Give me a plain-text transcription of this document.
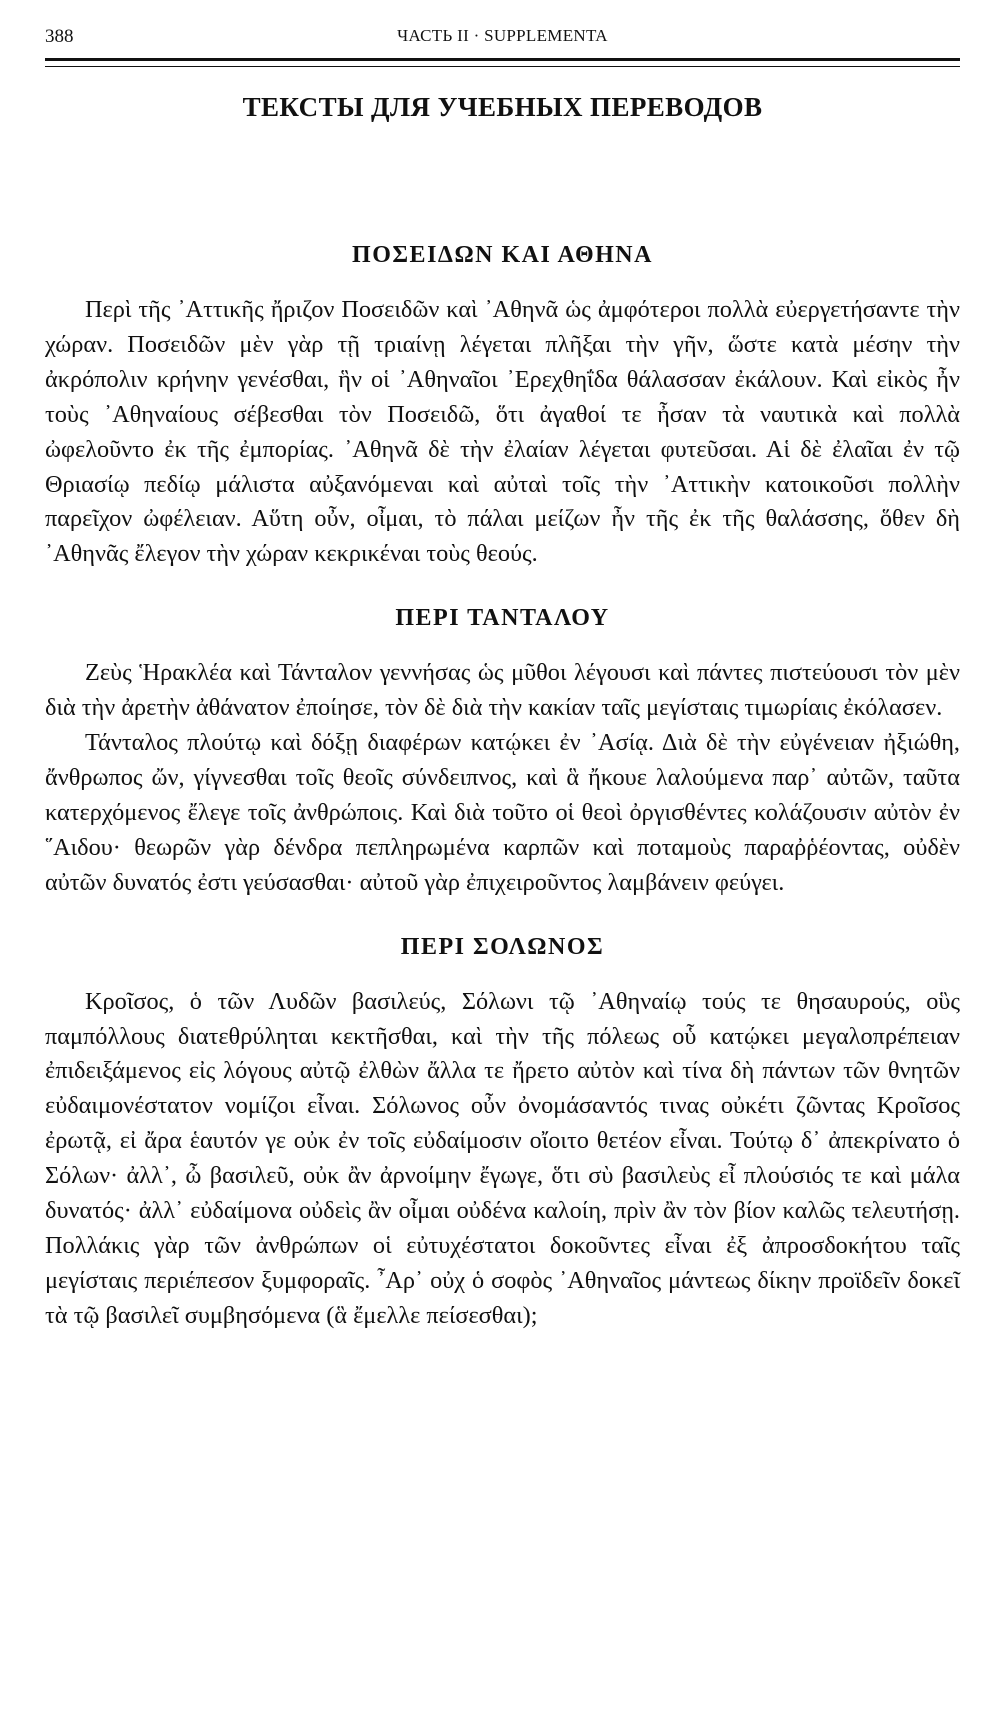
388	ЧАСТЬ II · SUPPLEMENTA
ТЕКСТЫ ДЛЯ УЧЕБНЫХ ПЕРЕВОДОВ
ΠΟΣΕΙΔΩΝ ΚΑΙ ΑΘΗΝΑ

Περὶ τῆς ᾿Αττικῆς ἤριζον Ποσειδῶν καὶ ᾿Αθηνᾶ ὡς ἀμφότεροι πολλὰ εὐεργετήσαντε τὴν χώραν. Ποσειδῶν μὲν γὰρ τῇ τριαίνῃ λέγεται πλῆξαι τὴν γῆν, ὥστε κατὰ μέσην τὴν ἀκρόπολιν κρήνην γενέσθαι, ἣν οἱ ᾿Αθηναῖοι ᾿Ερεχθηΐδα θάλασσαν ἐκάλουν. Καὶ εἰκὸς ἦν τοὺς ᾿Αθηναίους σέβεσθαι τὸν Ποσειδῶ, ὅτι ἀγαθοί τε ἦσαν τὰ ναυτικὰ καὶ πολλὰ ὠφελοῦντο ἐκ τῆς ἐμπορίας. ᾿Αθηνᾶ δὲ τὴν ἐλαίαν λέγεται φυτεῦσαι. Αἱ δὲ ἐλαῖαι ἐν τῷ Θριασίῳ πεδίῳ μάλιστα αὐξανόμεναι καὶ αὐταὶ τοῖς τὴν ᾿Αττικὴν κατοικοῦσι πολλὴν παρεῖχον ὠφέλειαν. Αὕτη οὖν, οἶμαι, τὸ πάλαι μείζων ἦν τῆς ἐκ τῆς θαλάσσης, ὅθεν δὴ ᾿Αθηνᾶς ἔλεγον τὴν χώραν κεκρικέναι τοὺς θεούς.

ΠΕΡΙ ΤΑΝΤΑΛΟΥ

Ζεὺς Ἡρακλέα καὶ Τάνταλον γεννήσας ὡς μῦθοι λέγουσι καὶ πάντες πιστεύουσι τὸν μὲν διὰ τὴν ἀρετὴν ἀθάνατον ἐποίησε, τὸν δὲ διὰ τὴν κακίαν ταῖς μεγίσταις τιμωρίαις ἐκόλασεν.

Τάνταλος πλούτῳ καὶ δόξῃ διαφέρων κατῴκει ἐν ᾿Ασίᾳ. Διὰ δὲ τὴν εὐγένειαν ἠξιώθη, ἄνθρωπος ὤν, γίγνεσθαι τοῖς θεοῖς σύνδειπνος, καὶ ἃ ἤκουε λαλούμενα παρ᾿ αὐτῶν, ταῦτα κατερχόμενος ἔλεγε τοῖς ἀνθρώποις. Καὶ διὰ τοῦτο οἱ θεοὶ ὀργισθέντες κολάζουσιν αὐτὸν ἐν ῞Αιδου· θεωρῶν γὰρ δένδρα πεπληρωμένα καρπῶν καὶ ποταμοὺς παραῤῥέοντας, οὐδὲν αὐτῶν δυνατός ἐστι γεύσασθαι· αὐτοῦ γὰρ ἐπιχειροῦντος λαμβάνειν φεύγει.

ΠΕΡΙ ΣΟΛΩΝΟΣ

Κροῖσος, ὁ τῶν Λυδῶν βασιλεύς, Σόλωνι τῷ ᾿Αθηναίῳ τούς τε θησαυρούς, οὓς παμπόλλους διατεθρύληται κεκτῆσθαι, καὶ τὴν τῆς πόλεως οὗ κατῴκει μεγαλοπρέπειαν ἐπιδειξάμενος εἰς λόγους αὐτῷ ἐλθὼν ἄλλα τε ἤρετο αὐτὸν καὶ τίνα δὴ πάντων τῶν θνητῶν εὐδαιμονέστατον νομίζοι εἶναι. Σόλωνος οὖν ὀνομάσαντός τινας οὐκέτι ζῶντας Κροῖσος ἐρωτᾷ, εἰ ἄρα ἑαυτόν γε οὐκ ἐν τοῖς εὐδαίμοσιν οἴοιτο θετέον εἶναι. Τούτῳ δ᾿ ἀπεκρίνατο ὁ Σόλων· ἀλλ᾿, ὦ βασιλεῦ, οὐκ ἂν ἀρνοίμην ἔγωγε, ὅτι σὺ βασιλεὺς εἶ πλούσιός τε καὶ μάλα δυνατός· ἀλλ᾿ εὐδαίμονα οὐδεὶς ἂν οἶμαι οὐδένα καλοίη, πρὶν ἂν τὸν βίον καλῶς τελευτήσῃ. Πολλάκις γὰρ τῶν ἀνθρώπων οἱ εὐτυχέστατοι δοκοῦντες εἶναι ἐξ ἀπροσδοκήτου ταῖς μεγίσταις περιέπεσον ξυμφοραῖς. ῏Αρ᾿ οὐχ ὁ σοφὸς ᾿Αθηναῖος μάντεως δίκην προϊδεῖν δοκεῖ τὰ τῷ βασιλεῖ συμβησόμενα (ἃ ἔμελλε πείσεσθαι);
